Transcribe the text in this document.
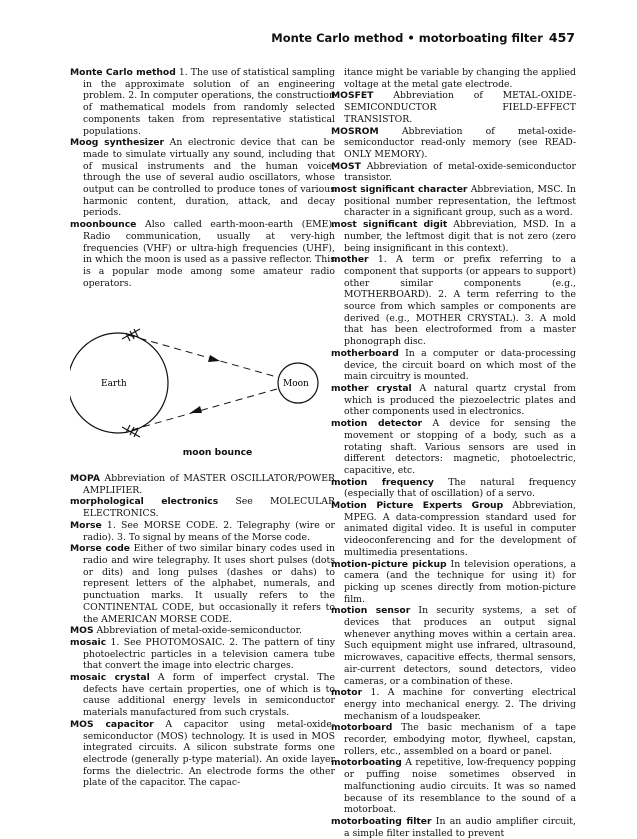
Monte Carlo method • motorboating filter 457

Monte Carlo method 1. The use of statistical sampling in the approximate solution of an engineering problem. 2. In computer operations, the construction of mathematical models from randomly selected components taken from representative statistical populations.

Moog synthesizer An electronic device that can be made to simulate virtually any sound, including that of musical instruments and the human voice, through the use of several audio oscillators, whose output can be controlled to produce tones of various harmonic content, duration, attack, and decay periods.

moonbounce Also called earth-moon-earth (EME). Radio communication, usually at very-high frequencies (VHF) or ultra-high frequencies (UHF), in which the moon is used as a passive reflector. This is a popular mode among some amateur radio operators.

Earth	Moon
moon bounce

MOPA Abbreviation of MASTER OSCILLATOR/POWER AMPLIFIER.

morphological electronics See MOLECULAR ELECTRONICS.

Morse 1. See MORSE CODE. 2. Telegraphy (wire or radio). 3. To signal by means of the Morse code.

Morse code Either of two similar binary codes used in radio and wire telegraphy. It uses short pulses (dots or dits) and long pulses (dashes or dahs) to represent letters of the alphabet, numerals, and punctuation marks. It usually refers to the CONTINENTAL CODE, but occasionally it refers to the AMERICAN MORSE CODE.

MOS Abbreviation of metal-oxide-semiconductor.

mosaic 1. See PHOTOMOSAIC. 2. The pattern of tiny photoelectric particles in a television camera tube that convert the image into electric charges.

mosaic crystal A form of imperfect crystal. The defects have certain properties, one of which is to cause additional energy levels in semiconductor materials manufactured from such crystals.

MOS capacitor A capacitor using metal-oxide-semiconductor (MOS) technology. It is used in MOS integrated circuits. A silicon substrate forms one electrode (generally p-type material). An oxide layer forms the dielectric. An electrode forms the other plate of the capacitor. The capac-

itance might be variable by changing the applied voltage at the metal gate electrode.

MOSFET Abbreviation of METAL-OXIDE-SEMICONDUCTOR FIELD-EFFECT TRANSISTOR.

MOSROM Abbreviation of metal-oxide-semiconductor read-only memory (see READ-ONLY MEMORY).

MOST Abbreviation of metal-oxide-semiconductor transistor.

most significant character Abbreviation, MSC. In positional number representation, the leftmost character in a significant group, such as a word.

most significant digit Abbreviation, MSD. In a number, the leftmost digit that is not zero (zero being insignificant in this context).

mother 1. A term or prefix referring to a component that supports (or appears to support) other similar components (e.g., MOTHERBOARD). 2. A term referring to the source from which samples or components are derived (e.g., MOTHER CRYSTAL). 3. A mold that has been electroformed from a master phonograph disc.

motherboard In a computer or data-processing device, the circuit board on which most of the main circuitry is mounted.

mother crystal A natural quartz crystal from which is produced the piezoelectric plates and other components used in electronics.

motion detector A device for sensing the movement or stopping of a body, such as a rotating shaft. Various sensors are used in different detectors: magnetic, photoelectric, capacitive, etc.

motion frequency The natural frequency (especially that of oscillation) of a servo.

Motion Picture Experts Group Abbreviation, MPEG. A data-compression standard used for animated digital video. It is useful in computer videoconferencing and for the development of multimedia presentations.

motion-picture pickup In television operations, a camera (and the technique for using it) for picking up scenes directly from motion-picture film.

motion sensor In security systems, a set of devices that produces an output signal whenever anything moves within a certain area. Such equipment might use infrared, ultrasound, microwaves, capacitive effects, thermal sensors, air-current detectors, sound detectors, video cameras, or a combination of these.

motor 1. A machine for converting electrical energy into mechanical energy. 2. The driving mechanism of a loudspeaker.

motorboard The basic mechanism of a tape recorder, embodying motor, flywheel, capstan, rollers, etc., assembled on a board or panel.

motorboating A repetitive, low-frequency popping or puffing noise sometimes observed in malfunctioning audio circuits. It was so named because of its resemblance to the sound of a motorboat.

motorboating filter In an audio amplifier circuit, a simple filter installed to prevent
